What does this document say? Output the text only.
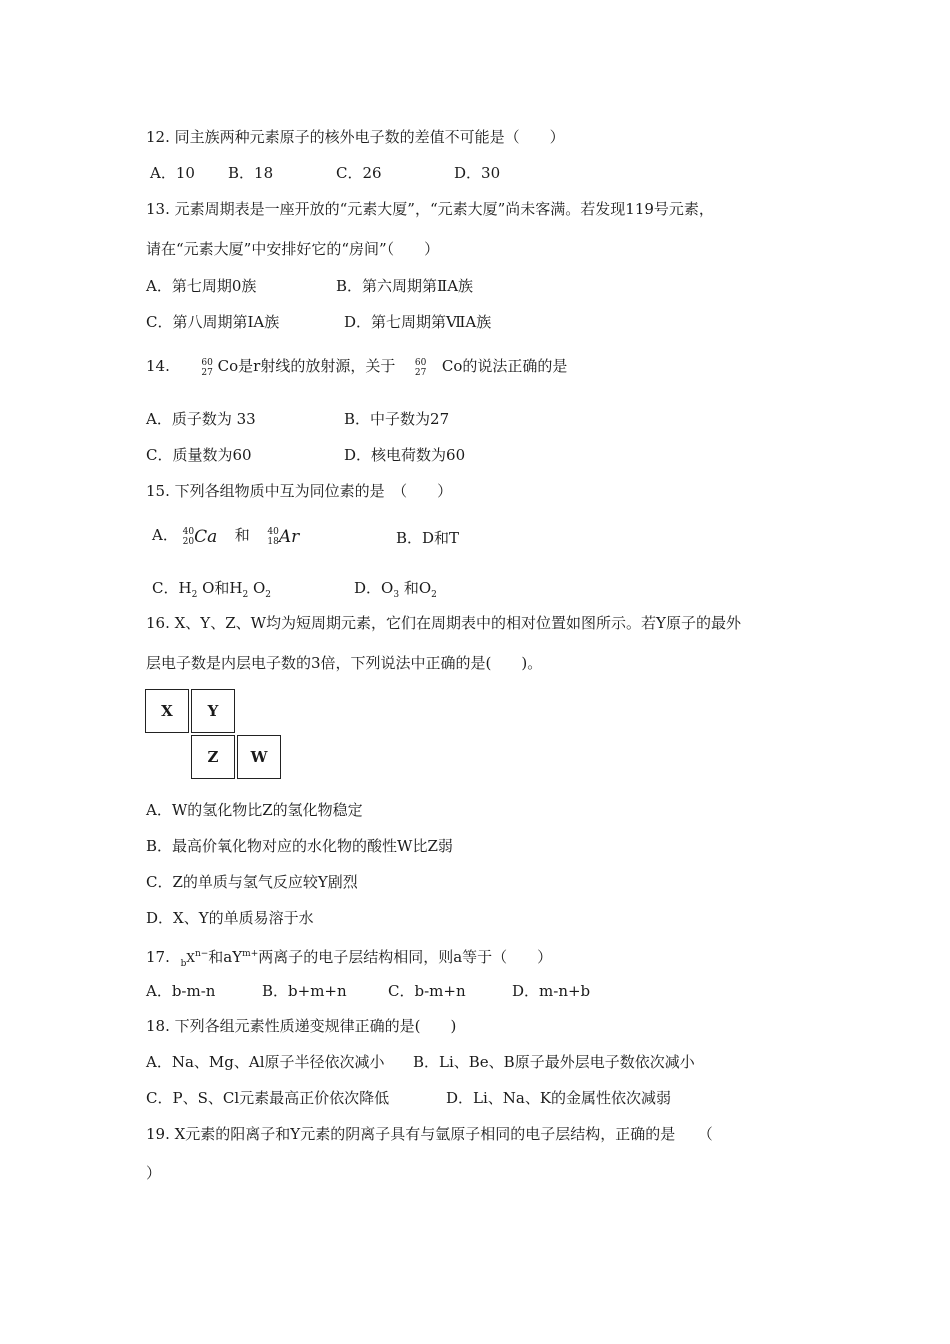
12. 同主族两种元素原子的核外电子数的差值不可能是（　　）
A．10 B．18	C．26	D．30
13. 元素周期表是一座开放的“元素大厦”，“元素大厦”尚未客满。若发现119号元素，
请在“元素大厦”中安排好它的“房间”（　　）
A．第七周期0族	B．第六周期第ⅡA族
C．第八周期第ⅠA族	D．第七周期第ⅦA族
14.	60
27 Co是r射线的放射源，关于 60
27 Co的说法正确的是
A．质子数为 33	B．中子数为27
C．质量数为60	D．核电荷数为60
15. 下列各组物质中互为同位素的是　（　　）
A． 40
20Ca 和 40
18Ar	B．D和T
C．$H_2$ O和$H_2$ $O_2$	D．$O_3$ 和$O_2$
16. X、Y、Z、W均为短周期元素，它们在周期表中的相对位置如图所示。若Y原子的最外
层电子数是内层电子数的3倍，下列说法中正确的是(　　)。
X	Y
Z	W
A．W的氢化物比Z的氢化物稳定
B．最高价氧化物对应的水化物的酸性W比Z弱
C．Z的单质与氢气反应较Y剧烈
D．X、Y的单质易溶于水
17. $_bX^{n-}$和$aY^{m+}$两离子的电子层结构相同，则a等于（　　）
A．b-m-n	B．b+m+n	C．b-m+n	D．m-n+b
18. 下列各组元素性质递变规律正确的是(　　)
A．Na、Mg、Al原子半径依次减小 B．Li、Be、B原子最外层电子数依次减小
C．P、S、Cl元素最高正价依次降低	D．Li、Na、K的金属性依次减弱
19. X元素的阳离子和Y元素的阴离子具有与氩原子相同的电子层结构，正确的是　　（
）
